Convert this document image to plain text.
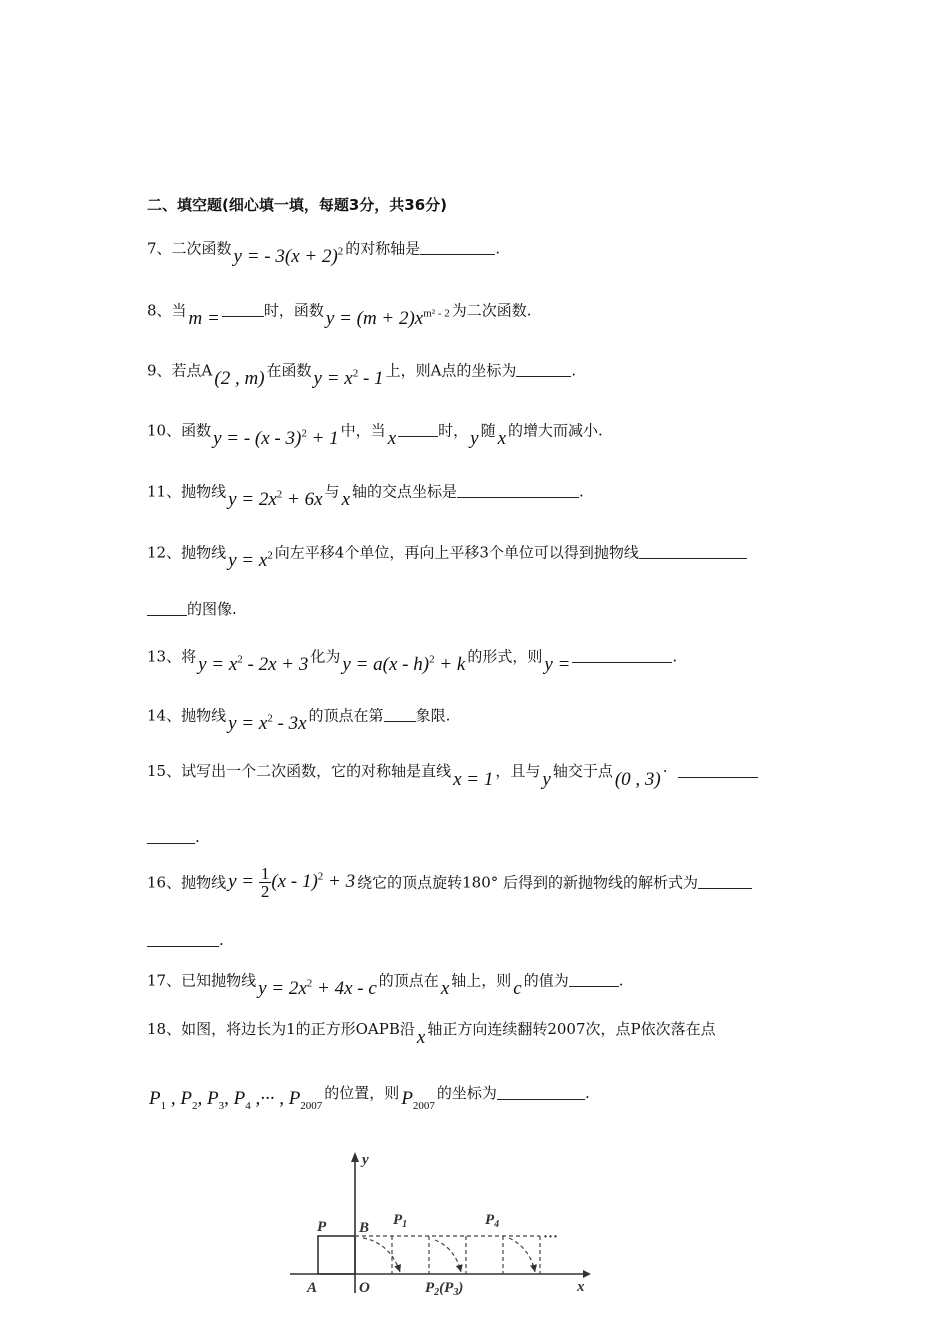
二、填空题(细心填一填，每题3分，共36分)
7、二次函数 y = - $3(x + 2)^2$ 的对称轴是	.
8、当 m =	时，函数 $y = (m + 2)x^{m^2 - 2}$ 为二次函数.
9、若点A (2 , m) 在函数 $y = x^2 - 1$ 上，则A点的坐标为	.
10、函数 y = - (x - 3)$^2$ + 1 中，当 x	时， y 随 x 的增大而减小.
11、抛物线 $y = 2x^2 + 6x$ 与 x 轴的交点坐标是	.
12、抛物线 $y = x^2$ 向左平移4个单位，再向上平移3个单位可以得到抛物线
的图像.
13、将 $y = x^2 - 2x + 3$ 化为 y = a(x - h)$^2$ + k 的形式，则 y =	.
14、抛物线 $y = x^2 - 3x$ 的顶点在第 象限.
15、试写出一个二次函数，它的对称轴是直线 x = 1 ，且与 y 轴交于点 (0 , 3) ·
.
16、抛物线 $y = \frac{1}{2} (x - 1)^2 + 3$ 绕它的顶点旋转180° 后得到的新抛物线的解析式为
.
17、已知抛物线 $y = 2x^2 + 4x - c$ 的顶点在 x 轴上，则 c 的值为	.
18、如图，将边长为1的正方形OAPB沿 x 轴正方向连续翻转2007次，点P依次落在点
$P_1$ , $P_2$, $P_3$, $P_4$ ,··· , $P_{2007}$的位置，则 $P_{2007}$的坐标为	.
y
x
P B
A	O
$P_1$	$P_4$
$P_2(P_3)$
···
